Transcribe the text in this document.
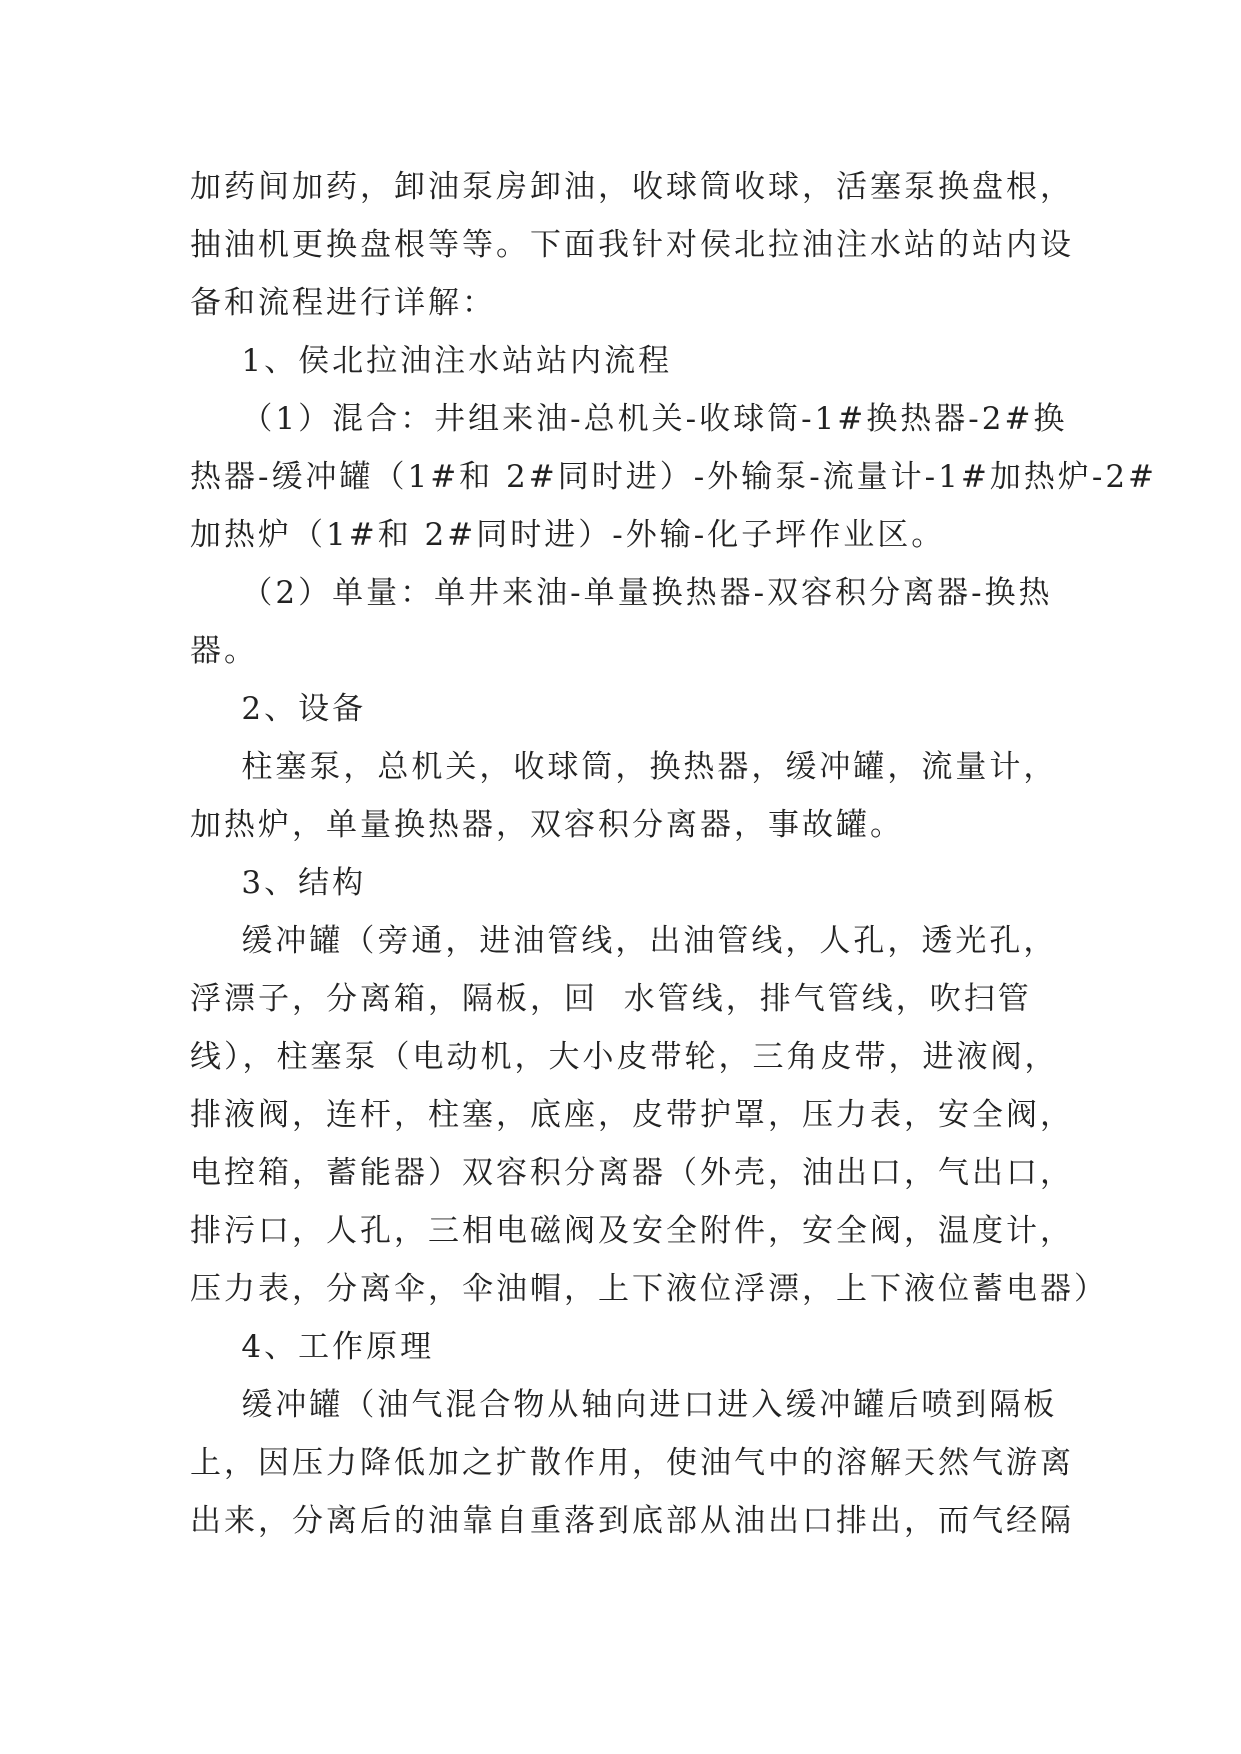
加药间加药，卸油泵房卸油，收球筒收球，活塞泵换盘根，
抽油机更换盘根等等。下面我针对侯北拉油注水站的站内设
备和流程进行详解：
1、侯北拉油注水站站内流程
（1）混合：井组来油-总机关-收球筒-1#换热器-2#换
热器-缓冲罐（1#和 2#同时进）-外输泵-流量计-1#加热炉-2#
加热炉（1#和 2#同时进）-外输-化子坪作业区。
（2）单量：单井来油-单量换热器-双容积分离器-换热
器。
2、设备
柱塞泵，总机关，收球筒，换热器，缓冲罐，流量计，
加热炉，单量换热器，双容积分离器，事故罐。
3、结构
缓冲罐（旁通，进油管线，出油管线，人孔，透光孔，
浮漂子，分离箱，隔板，回  水管线，排气管线，吹扫管
线），柱塞泵（电动机，大小皮带轮，三角皮带，进液阀，
排液阀，连杆，柱塞，底座，皮带护罩，压力表，安全阀，
电控箱，蓄能器）双容积分离器（外壳，油出口，气出口，
排污口，人孔，三相电磁阀及安全附件，安全阀，温度计，
压力表，分离伞，伞油帽，上下液位浮漂，上下液位蓄电器）
4、工作原理
缓冲罐（油气混合物从轴向进口进入缓冲罐后喷到隔板
上，因压力降低加之扩散作用，使油气中的溶解天然气游离
出来，分离后的油靠自重落到底部从油出口排出，而气经隔
